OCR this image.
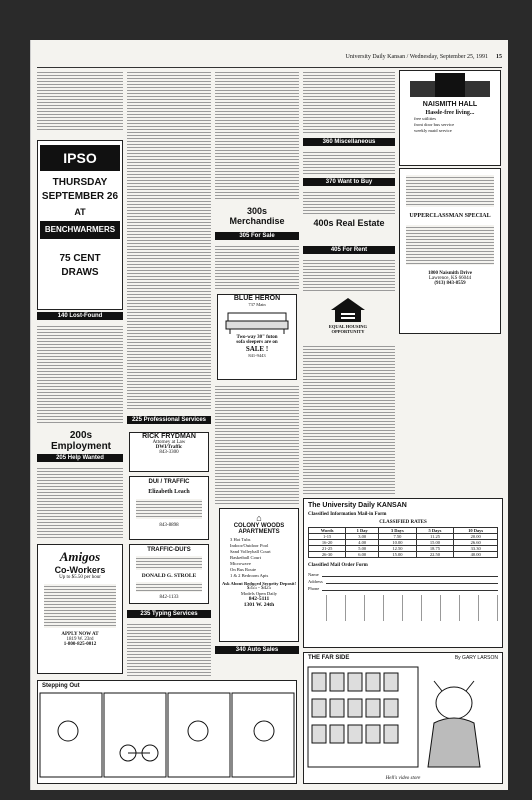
University Daily Kansan / Wednesday, September 25, 1991 15
IPSO
THURSDAY
SEPTEMBER 26
AT
BENCHWARMERS
75 CENT
DRAWS
140 Lost-Found
200s Employment
205 Help Wanted
Amigos
Co-Workers
Up to $5.50 per hour
APPLY NOW AT
1819 W. 23rd
1-800-825-0012
225 Professional Services
RICK FRYDMAN
Attorney at Law
DWI/Traffic
843-3300
DUI / TRAFFIC
Elizabeth Leach
843-8898
TRAFFIC-DUI'S
DONALD G. STROLE
842-1133
235 Typing Services
300s Merchandise
305 For Sale
BLUE HERON
737 Main
Two-way 30" futon
sofa sleepers are on
SALE !
841-9443
⌂
COLONY WOODS APARTMENTS
3 Hot Tubs
Indoor/Outdoor Pool
Sand Volleyball Court
Basketball Court
Microwave
On Bus Route
1 & 2 Bedroom Apts
Ask About Reduced Security Deposit!
$355 - $425
Models Open Daily
842-5111
1301 W. 24th
340 Auto Sales
360 Miscellaneous
370 Want to Buy
400s Real Estate
405 For Rent
EQUAL HOUSING OPPORTUNITY
NAISMITH HALL
Hassle-free living...
free utilities
front door bus service
weekly maid service
UPPERCLASSMAN SPECIAL
1800 Naismith Drive
Lawrence, KS 66044
(913) 843-8559
The University Daily KANSAN
Classified Information Mail-in Form
CLASSIFIED RATES
Words	1 Day	3 Days	5 Days	10 Days
1-15	3.00	7.50	11.25	20.00
16-20	4.00	10.00	15.00	26.60
21-25	5.00	12.50	18.75	33.30
26-30	6.00	15.00	22.50	40.00
Classified Mail Order Form
Name
Address
Phone
Stepping Out
THE FAR SIDE	By GARY LARSON
Hell's video store
